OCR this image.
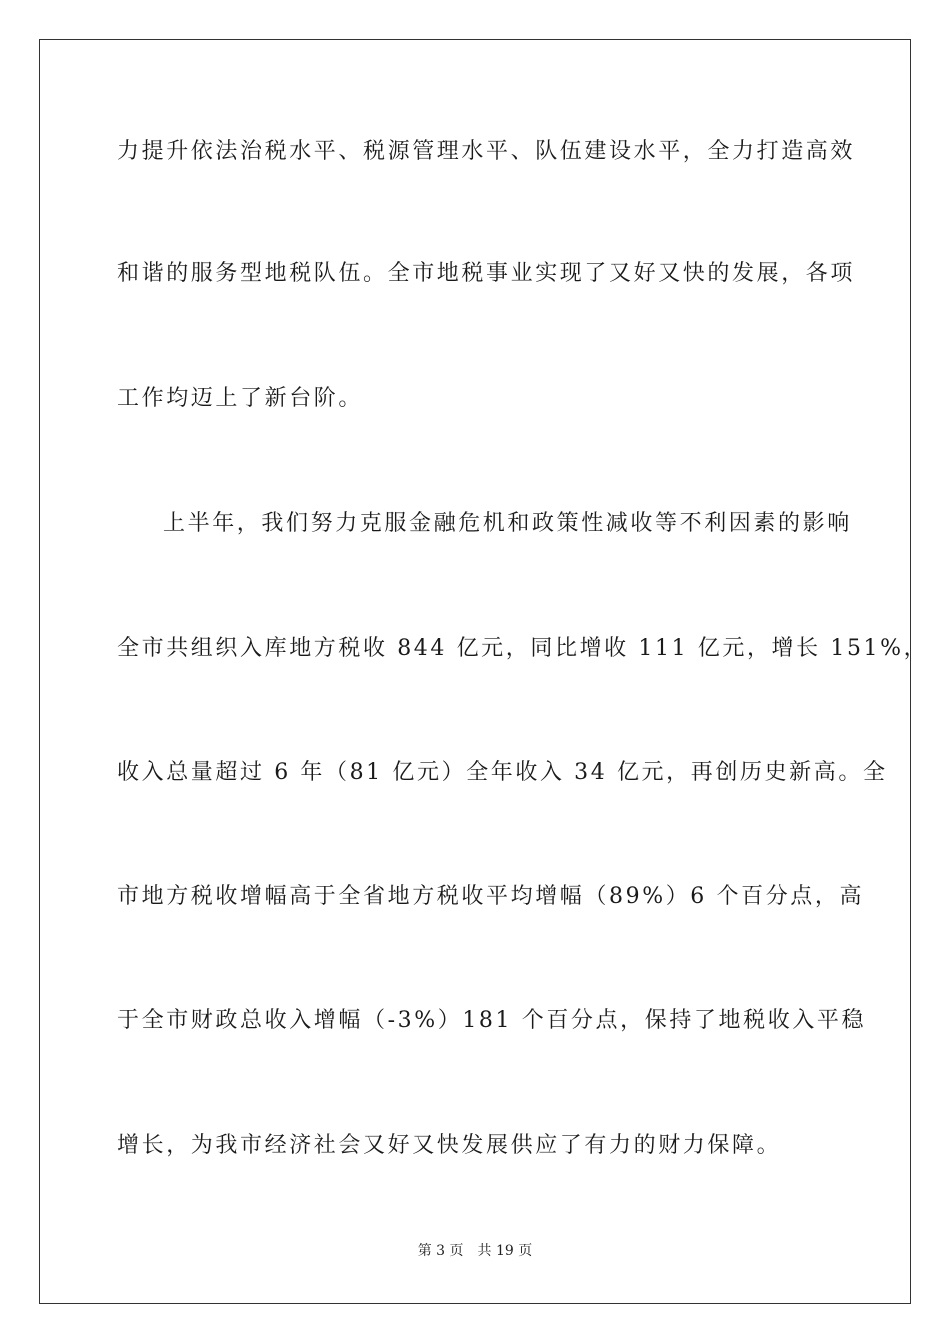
力提升依法治税水平、税源管理水平、队伍建设水平，全力打造高效
和谐的服务型地税队伍。全市地税事业实现了又好又快的发展，各项
工作均迈上了新台阶。
上半年，我们努力克服金融危机和政策性减收等不利因素的影响
全市共组织入库地方税收 844 亿元，同比增收 111 亿元，增长 151%，
收入总量超过 6 年（81 亿元）全年收入 34 亿元，再创历史新高。全
市地方税收增幅高于全省地方税收平均增幅（89%）6 个百分点，高
于全市财政总收入增幅（-3%）181 个百分点，保持了地税收入平稳
增长，为我市经济社会又好又快发展供应了有力的财力保障。
第 3 页 共 19 页
